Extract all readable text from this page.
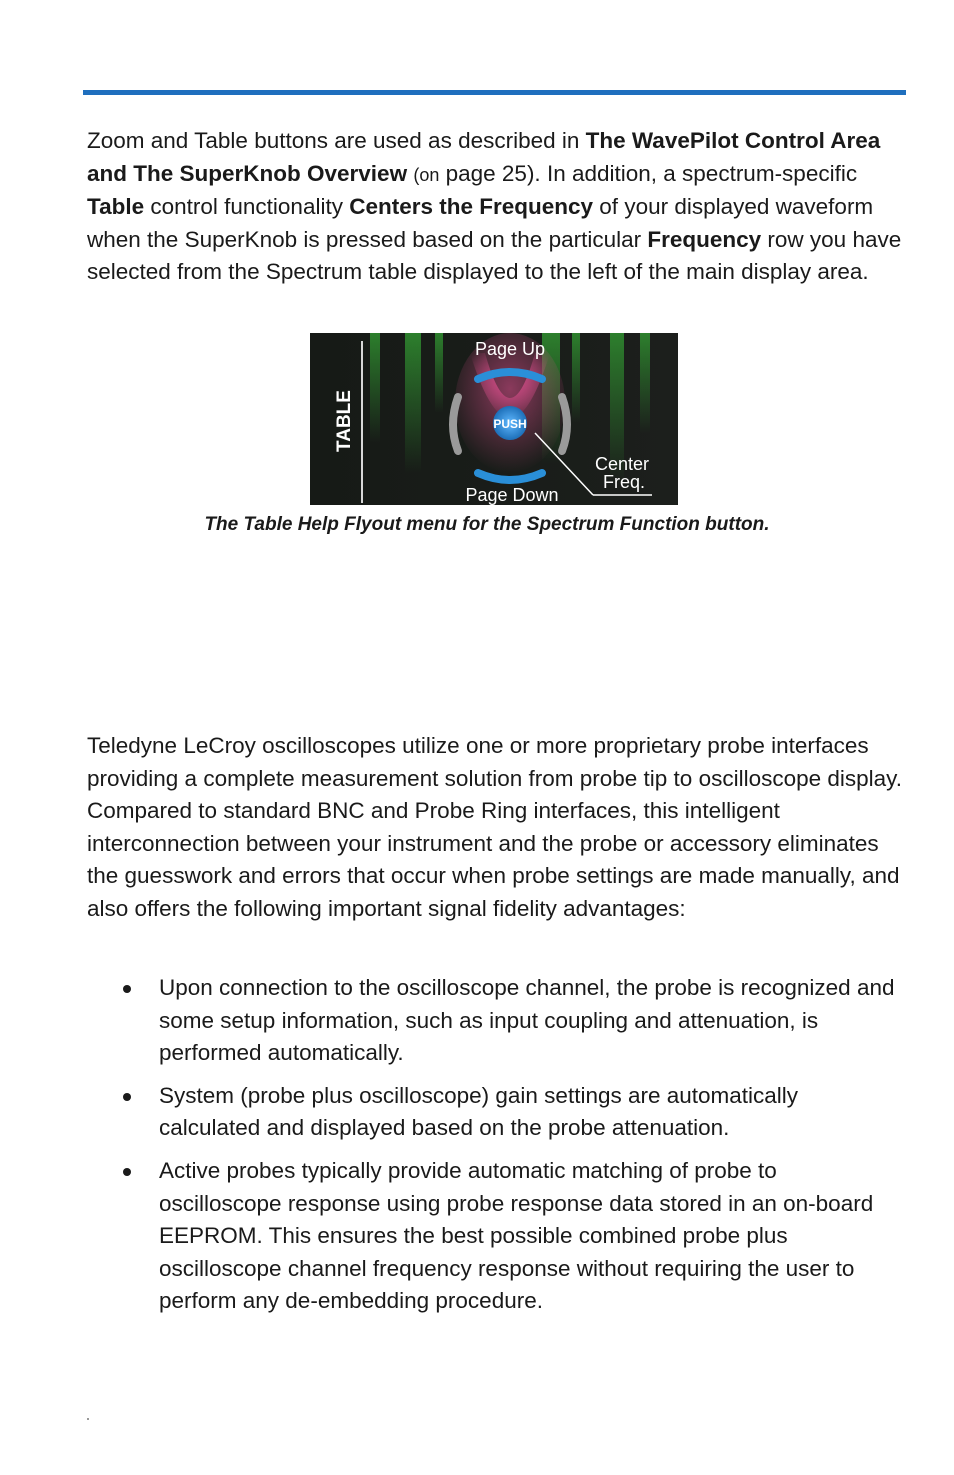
Zoom and Table buttons are used as described in The WavePilot Control Area and The SuperKnob Overview (on page 25). In addition, a spectrum-specific Table control functionality Centers the Frequency of your displayed waveform when the SuperKnob is pressed based on the particular Frequency row you have selected from the Spectrum table displayed to the left of the main display area.

TABLE	PUSH
Page Up
Page Down
Center
Freq.

The Table Help Flyout menu for the Spectrum Function button.

Teledyne LeCroy oscilloscopes utilize one or more proprietary probe interfaces providing a complete measurement solution from probe tip to oscilloscope display. Compared to standard BNC and Probe Ring interfaces, this intelligent interconnection between your instrument and the probe or accessory eliminates the guesswork and errors that occur when probe settings are made manually, and also offers the following important signal fidelity advantages:

Upon connection to the oscilloscope channel, the probe is recognized and some setup information, such as input coupling and attenuation, is performed automatically.
System (probe plus oscilloscope) gain settings are automatically calculated and displayed based on the probe attenuation.
Active probes typically provide automatic matching of probe to oscilloscope response using probe response data stored in an on-board EEPROM. This ensures the best possible combined probe plus oscilloscope channel frequency response without requiring the user to perform any de-embedding procedure.
